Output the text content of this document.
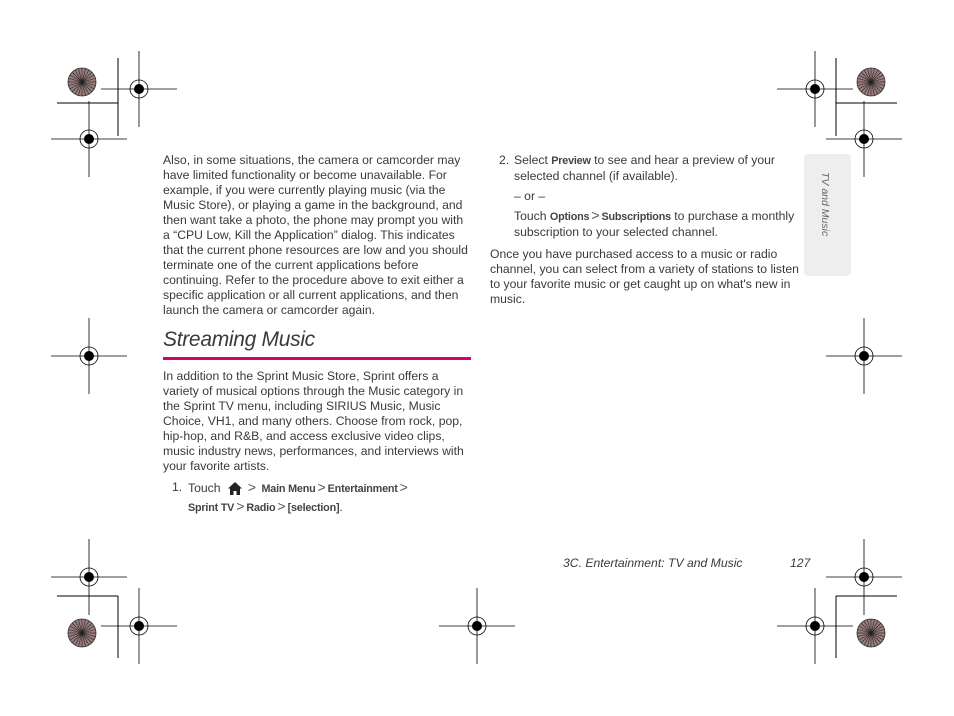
TV and Music

Also, in some situations, the camera or camcorder may have limited functionality or become unavailable. For example, if you were currently playing music (via the Music Store), or playing a game in the background, and then want take a photo, the phone may prompt you with a “CPU Low, Kill the Application” dialog. This indicates that the current phone resources are low and you should terminate one of the current applications before continuing. Refer to the procedure above to exit either a specific application or all current applications, and then launch the camera or camcorder again.

Streaming Music

In addition to the Sprint Music Store, Sprint offers a variety of musical options through the Music category in the Sprint TV menu, including SIRIUS Music, Music Choice, VH1, and many others. Choose from rock, pop, hip-hop, and R&B, and access exclusive video clips, music industry news, performances, and interviews with your favorite artists.

1. Touch > Main Menu > Entertainment >
Sprint TV > Radio > [selection].
2. Select Preview to see and hear a preview of your selected channel (if available).

– or –

Touch Options > Subscriptions to purchase a monthly subscription to your selected channel.

Once you have purchased access to a music or radio channel, you can select from a variety of stations to listen to your favorite music or get caught up on what's new in music.

3C. Entertainment: TV and Music	127
